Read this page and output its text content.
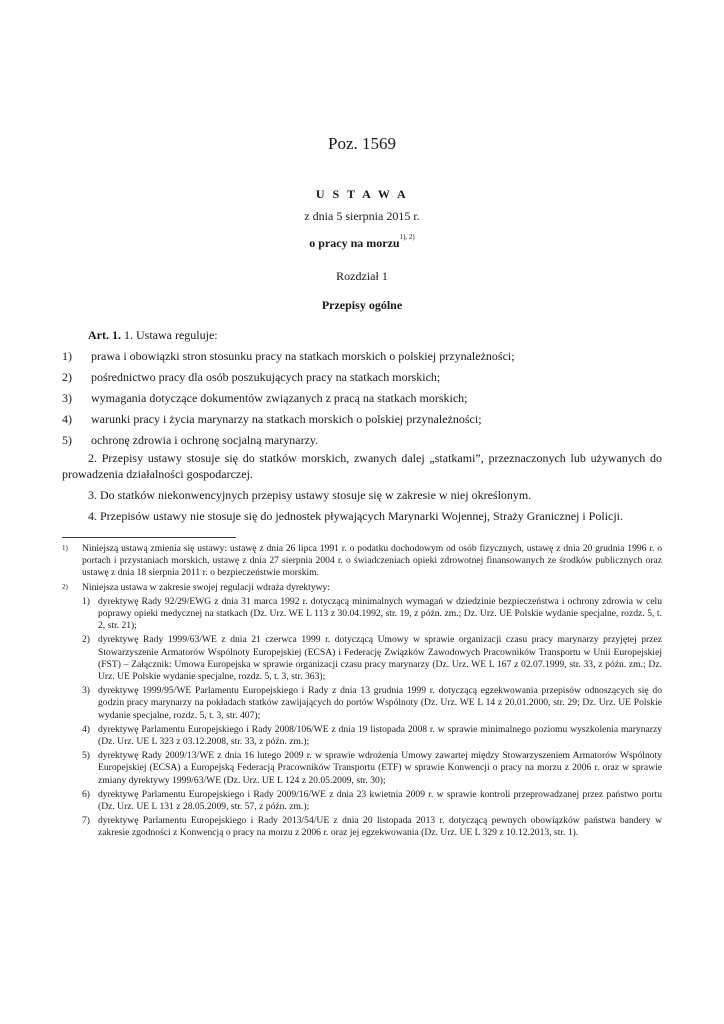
Poz. 1569
U S T A W A
z dnia 5 sierpnia 2015 r.
o pracy na morzu$^{1), 2)}$
Rozdział 1
Przepisy ogólne
Art. 1. 1. Ustawa reguluje:
1)	prawa i obowiązki stron stosunku pracy na statkach morskich o polskiej przynależności;
2)	pośrednictwo pracy dla osób poszukujących pracy na statkach morskich;
3)	wymagania dotyczące dokumentów związanych z pracą na statkach morskich;
4)	warunki pracy i życia marynarzy na statkach morskich o polskiej przynależności;
5)	ochronę zdrowia i ochronę socjalną marynarzy.
2. Przepisy ustawy stosuje się do statków morskich, zwanych dalej „statkami”, przeznaczonych lub używanych do prowadzenia działalności gospodarczej.
3. Do statków niekonwencyjnych przepisy ustawy stosuje się w zakresie w niej określonym.
4. Przepisów ustawy nie stosuje się do jednostek pływających Marynarki Wojennej, Straży Granicznej i Policji.
1)	Niniejszą ustawą zmienia się ustawy: ustawę z dnia 26 lipca 1991 r. o podatku dochodowym od osób fizycznych, ustawę z dnia 20 grudnia 1996 r. o portach i przystaniach morskich, ustawę z dnia 27 sierpnia 2004 r. o świadczeniach opieki zdrowotnej finansowanych ze środków publicznych oraz ustawę z dnia 18 sierpnia 2011 r. o bezpieczeństwie morskim.
2)	Niniejsza ustawa w zakresie swojej regulacji wdraża dyrektywy:
1) dyrektywę Rady 92/29/EWG z dnia 31 marca 1992 r. dotyczącą minimalnych wymagań w dziedzinie bezpieczeństwa i ochrony zdrowia w celu poprawy opieki medycznej na statkach (Dz. Urz. WE L 113 z 30.04.1992, str. 19, z późn. zm.; Dz. Urz. UE Polskie wydanie specjalne, rozdz. 5, t. 2, str. 21);
2) dyrektywę Rady 1999/63/WE z dnia 21 czerwca 1999 r. dotyczącą Umowy w sprawie organizacji czasu pracy marynarzy przyjętej przez Stowarzyszenie Armatorów Wspólnoty Europejskiej (ECSA) i Federację Związków Zawodowych Pracowników Transportu w Unii Europejskiej (FST) – Załącznik: Umowa Europejska w sprawie organizacji czasu pracy marynarzy (Dz. Urz. WE L 167 z 02.07.1999, str. 33, z późn. zm.; Dz. Urz. UE Polskie wydanie specjalne, rozdz. 5, t. 3, str. 363);
3) dyrektywę 1999/95/WE Parlamentu Europejskiego i Rady z dnia 13 grudnia 1999 r. dotyczącą egzekwowania przepisów odnoszących się do godzin pracy marynarzy na pokładach statków zawijających do portów Wspólnoty (Dz. Urz. WE L 14 z 20.01.2000, str. 29; Dz. Urz. UE Polskie wydanie specjalne, rozdz. 5, t. 3, str. 407);
4) dyrektywę Parlamentu Europejskiego i Rady 2008/106/WE z dnia 19 listopada 2008 r. w sprawie minimalnego poziomu wyszkolenia marynarzy (Dz. Urz. UE L 323 z 03.12.2008, str. 33, z późn. zm.);
5) dyrektywę Rady 2009/13/WE z dnia 16 lutego 2009 r. w sprawie wdrożenia Umowy zawartej między Stowarzyszeniem Armatorów Wspólnoty Europejskiej (ECSA) a Europejską Federacją Pracowników Transportu (ETF) w sprawie Konwencji o pracy na morzu z 2006 r. oraz w sprawie zmiany dyrektywy 1999/63/WE (Dz. Urz. UE L 124 z 20.05.2009, str. 30);
6) dyrektywę Parlamentu Europejskiego i Rady 2009/16/WE z dnia 23 kwietnia 2009 r. w sprawie kontroli przeprowadzanej przez państwo portu (Dz. Urz. UE L 131 z 28.05.2009, str. 57, z późn. zm.);
7) dyrektywę Parlamentu Europejskiego i Rady 2013/54/UE z dnia 20 listopada 2013 r. dotyczącą pewnych obowiązków państwa bandery w zakresie zgodności z Konwencją o pracy na morzu z 2006 r. oraz jej egzekwowania (Dz. Urz. UE L 329 z 10.12.2013, str. 1).
